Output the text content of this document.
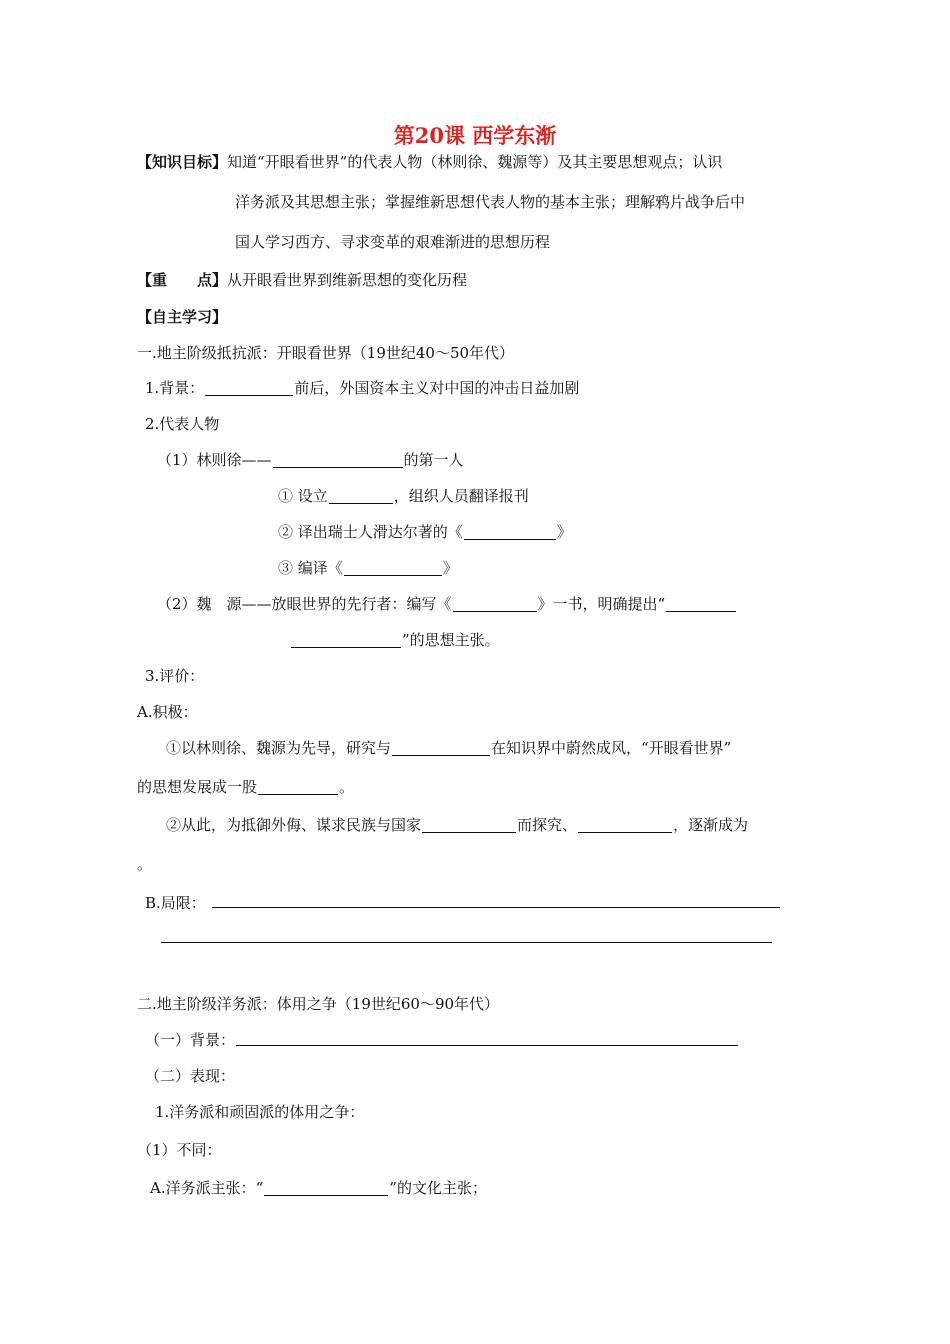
第20课 西学东渐
【知识目标】知道“开眼看世界”的代表人物（林则徐、魏源等）及其主要思想观点；认识
洋务派及其思想主张；掌握维新思想代表人物的基本主张；理解鸦片战争后中
国人学习西方、寻求变革的艰难渐进的思想历程
【重　　点】从开眼看世界到维新思想的变化历程
【自主学习】
一.地主阶级抵抗派：开眼看世界（19世纪40～50年代）
1.背景：	前后，外国资本主义对中国的冲击日益加剧
2.代表人物
（1）林则徐——	的第一人
① 设立	，组织人员翻译报刊
② 译出瑞士人滑达尔著的《	》
③ 编译《	》
（2）魏　源——放眼世界的先行者：编写《	》一书，明确提出“
”的思想主张。
3.评价：
A.积极：
①以林则徐、魏源为先导，研究与	在知识界中蔚然成风，“开眼看世界”
的思想发展成一股	。
②从此，为抵御外侮、谋求民族与国家	而探究、	，逐渐成为
。
B.局限：
二.地主阶级洋务派：体用之争（19世纪60～90年代）
（一）背景：
（二）表现：
1.洋务派和顽固派的体用之争：
（1）不同：
A.洋务派主张：“	”的文化主张；
